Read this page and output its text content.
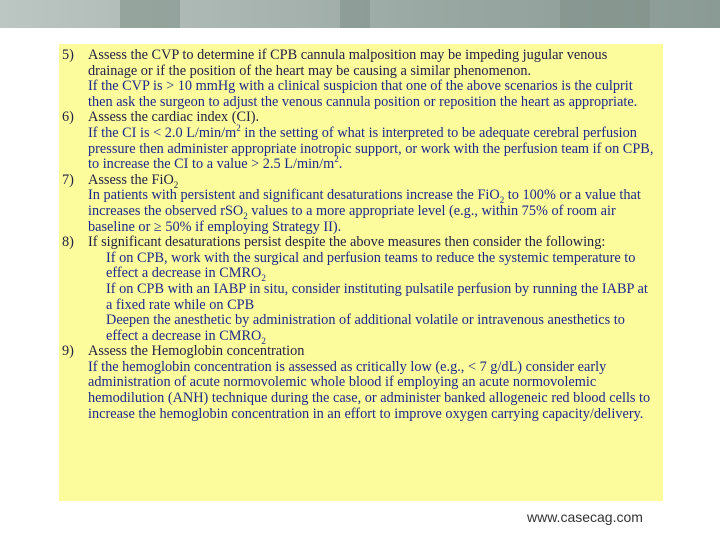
5) Assess the CVP to determine if CPB cannula malposition may be impeding jugular venous drainage or if the position of the heart may be causing a similar phenomenon.
If the CVP is > 10 mmHg with a clinical suspicion that one of the above scenarios is the culprit then ask the surgeon to adjust the venous cannula position or reposition the heart as appropriate.
6) Assess the cardiac index (CI).
If the CI is < 2.0 $L/\min/m^2$ in the setting of what is interpreted to be adequate cerebral perfusion pressure then administer appropriate inotropic support, or work with the perfusion team if on CPB, to increase the CI to a value > 2.5 $L/\min/m^2$.
7) Assess the FiO$_2$
In patients with persistent and significant desaturations increase the FiO$_2$ to 100% or a value that increases the observed rSO$_2$ values to a more appropriate level (e.g., within 75% of room air baseline or ≥ 50% if employing Strategy II).
8) If significant desaturations persist despite the above measures then consider the following:
If on CPB, work with the surgical and perfusion teams to reduce the systemic temperature to effect a decrease in $CMRO_2$
If on CPB with an IABP in situ, consider instituting pulsatile perfusion by running the IABP at a fixed rate while on CPB
Deepen the anesthetic by administration of additional volatile or intravenous anesthetics to effect a decrease in $CMRO_2$
9) Assess the Hemoglobin concentration
If the hemoglobin concentration is assessed as critically low (e.g., < 7 g/dL) consider early administration of acute normovolemic whole blood if employing an acute normovolemic hemodilution (ANH) technique during the case, or administer banked allogeneic red blood cells to increase the hemoglobin concentration in an effort to improve oxygen carrying capacity/delivery.
www.casecag.com
